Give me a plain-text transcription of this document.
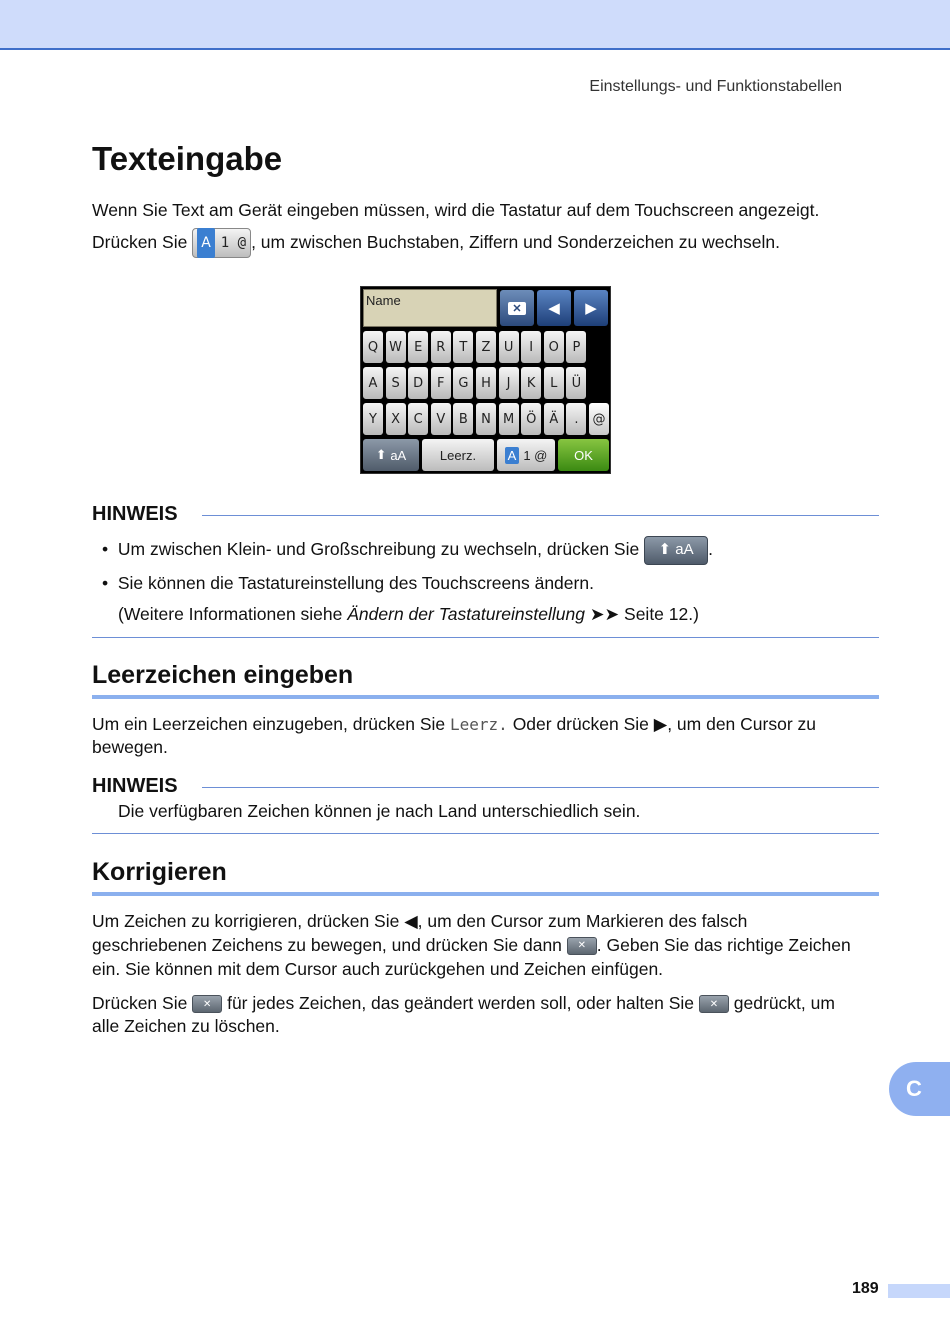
Einstellungs- und Funktionstabellen
Texteingabe
Wenn Sie Text am Gerät eingeben müssen, wird die Tastatur auf dem Touchscreen angezeigt.
Drücken Sie A 1 @ , um zwischen Buchstaben, Ziffern und Sonderzeichen zu wechseln.
Name
✕ ◀ ▶
Q W E	R	T	Z	U	I	O	P
A	S	D	F	G H	J	K	L	Ü
Y	X	C	V	B	N M Ö	Ä	.	@
⬆
aA	Leerz.	A 1 @	OK
HINWEIS
• Um zwischen Klein- und Großschreibung zu wechseln, drücken Sie ⬆
aA .
• Sie können die Tastatureinstellung des Touchscreens ändern.
(Weitere Informationen siehe Ändern der Tastatureinstellung ➤➤ Seite 12.)
Leerzeichen eingeben
Um ein Leerzeichen einzugeben, drücken Sie Leerz. Oder drücken Sie ▶, um den Cursor zu
bewegen.
HINWEIS
Die verfügbaren Zeichen können je nach Land unterschiedlich sein.
Korrigieren
Um Zeichen zu korrigieren, drücken Sie ◀, um den Cursor zum Markieren des falsch
geschriebenen Zeichens zu bewegen, und drücken Sie dann ✕ . Geben Sie das richtige Zeichen
ein. Sie können mit dem Cursor auch zurückgehen und Zeichen einfügen.
Drücken Sie ✕ für jedes Zeichen, das geändert werden soll, oder halten Sie ✕ gedrückt, um
alle Zeichen zu löschen.
C
189
